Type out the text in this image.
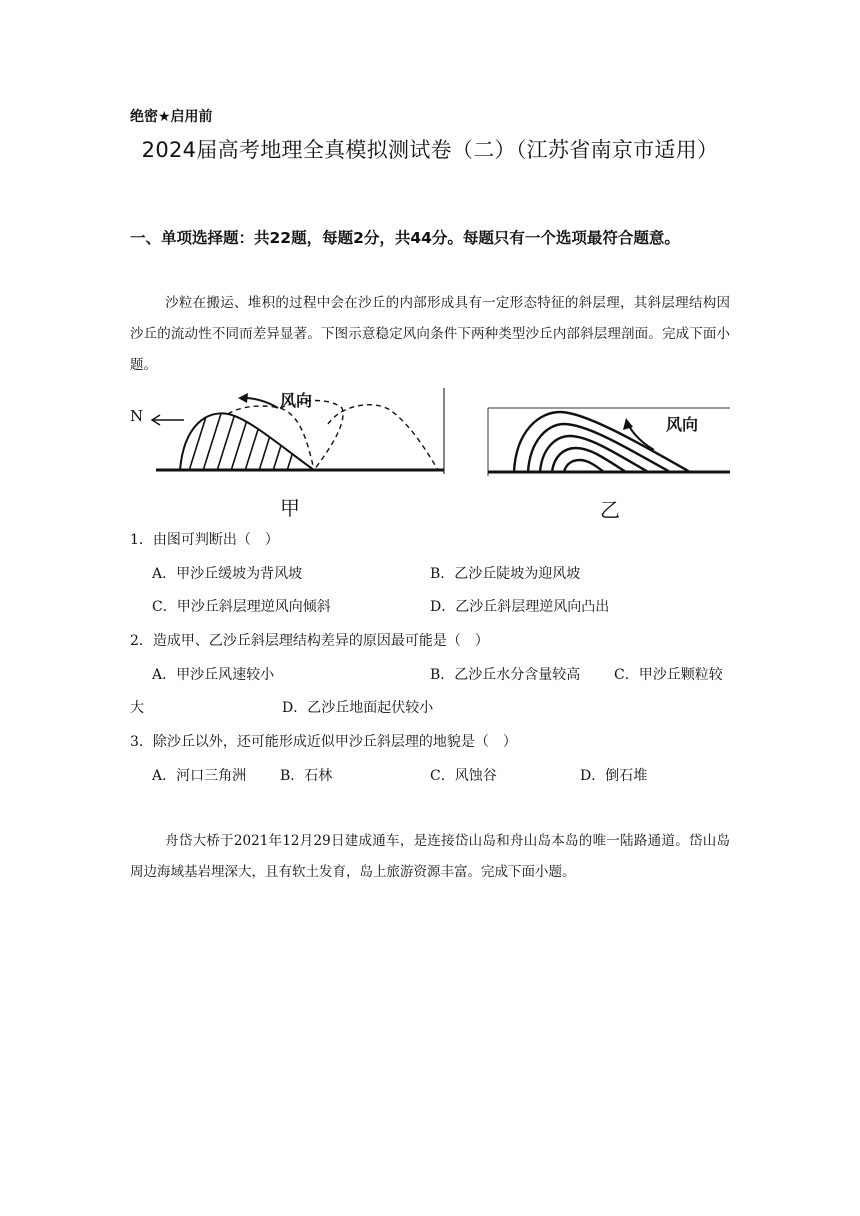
绝密★启用前
2024届高考地理全真模拟测试卷（二）（江苏省南京市适用）
一、单项选择题：共22题，每题2分，共44分。每题只有一个选项最符合题意。
沙粒在搬运、堆积的过程中会在沙丘的内部形成具有一定形态特征的斜层理，其斜层理结构因沙丘的流动性不同而差异显著。下图示意稳定风向条件下两种类型沙丘内部斜层理剖面。完成下面小题。
N
风向
风向
甲	乙
1．由图可判断出（　）
A．甲沙丘缓坡为背风坡	B．乙沙丘陡坡为迎风坡
C．甲沙丘斜层理逆风向倾斜	D．乙沙丘斜层理逆风向凸出
2．造成甲、乙沙丘斜层理结构差异的原因最可能是（　）
A．甲沙丘风速较小	B．乙沙丘水分含量较高 C．甲沙丘颗粒较
大	D．乙沙丘地面起伏较小
3．除沙丘以外，还可能形成近似甲沙丘斜层理的地貌是（　）
A．河口三角洲 B．石林	C．风蚀谷	D．倒石堆
舟岱大桥于2021年12月29日建成通车，是连接岱山岛和舟山岛本岛的唯一陆路通道。岱山岛周边海域基岩埋深大，且有软土发育，岛上旅游资源丰富。完成下面小题。
